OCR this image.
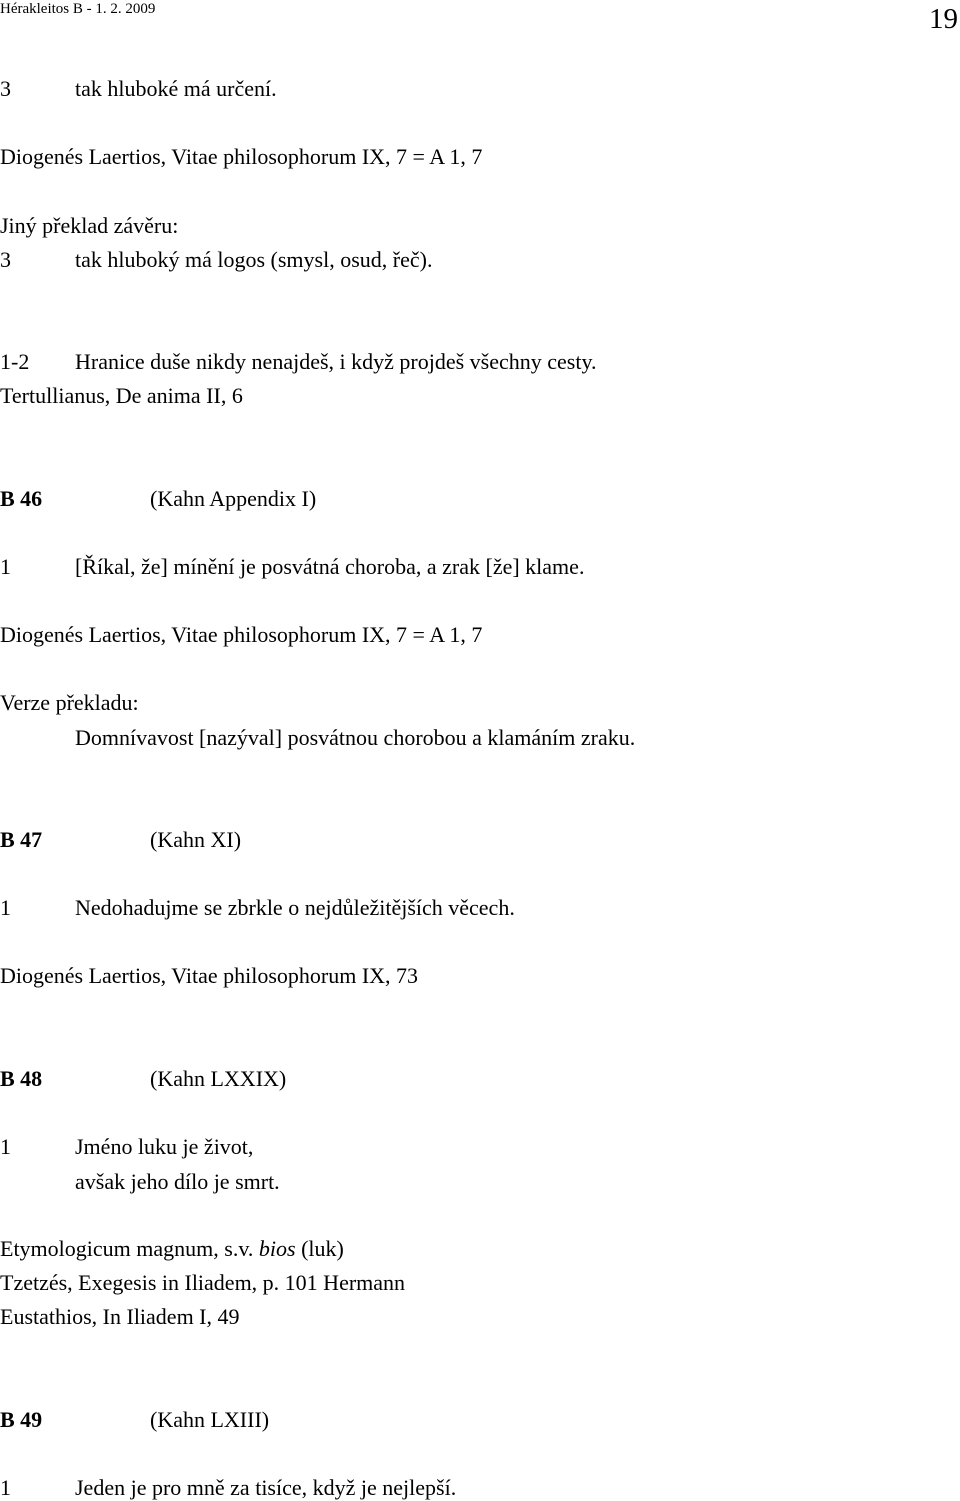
Hérakleitos B - 1. 2. 2009	19
3	tak hluboké má určení.
Diogenés Laertios, Vitae philosophorum IX, 7 = A 1, 7
Jiný překlad závěru:
3	tak hluboký má logos (smysl, osud, řeč).
1-2 Hranice duše nikdy nenajdeš, i když projdeš všechny cesty.
Tertullianus, De anima II, 6
B 46	(Kahn Appendix I)
1	[Říkal, že] mínění je posvátná choroba, a zrak [že] klame.
Diogenés Laertios, Vitae philosophorum IX, 7 = A 1, 7
Verze překladu:
Domnívavost [nazýval] posvátnou chorobou a klamáním zraku.
B 47	(Kahn XI)
1	Nedohadujme se zbrkle o nejdůležitějších věcech.
Diogenés Laertios, Vitae philosophorum IX, 73
B 48	(Kahn LXXIX)
1	Jméno luku je život,
avšak jeho dílo je smrt.
Etymologicum magnum, s.v. bios (luk)
Tzetzés, Exegesis in Iliadem, p. 101 Hermann
Eustathios, In Iliadem I, 49
B 49	(Kahn LXIII)
1	Jeden je pro mně za tisíce, když je nejlepší.
